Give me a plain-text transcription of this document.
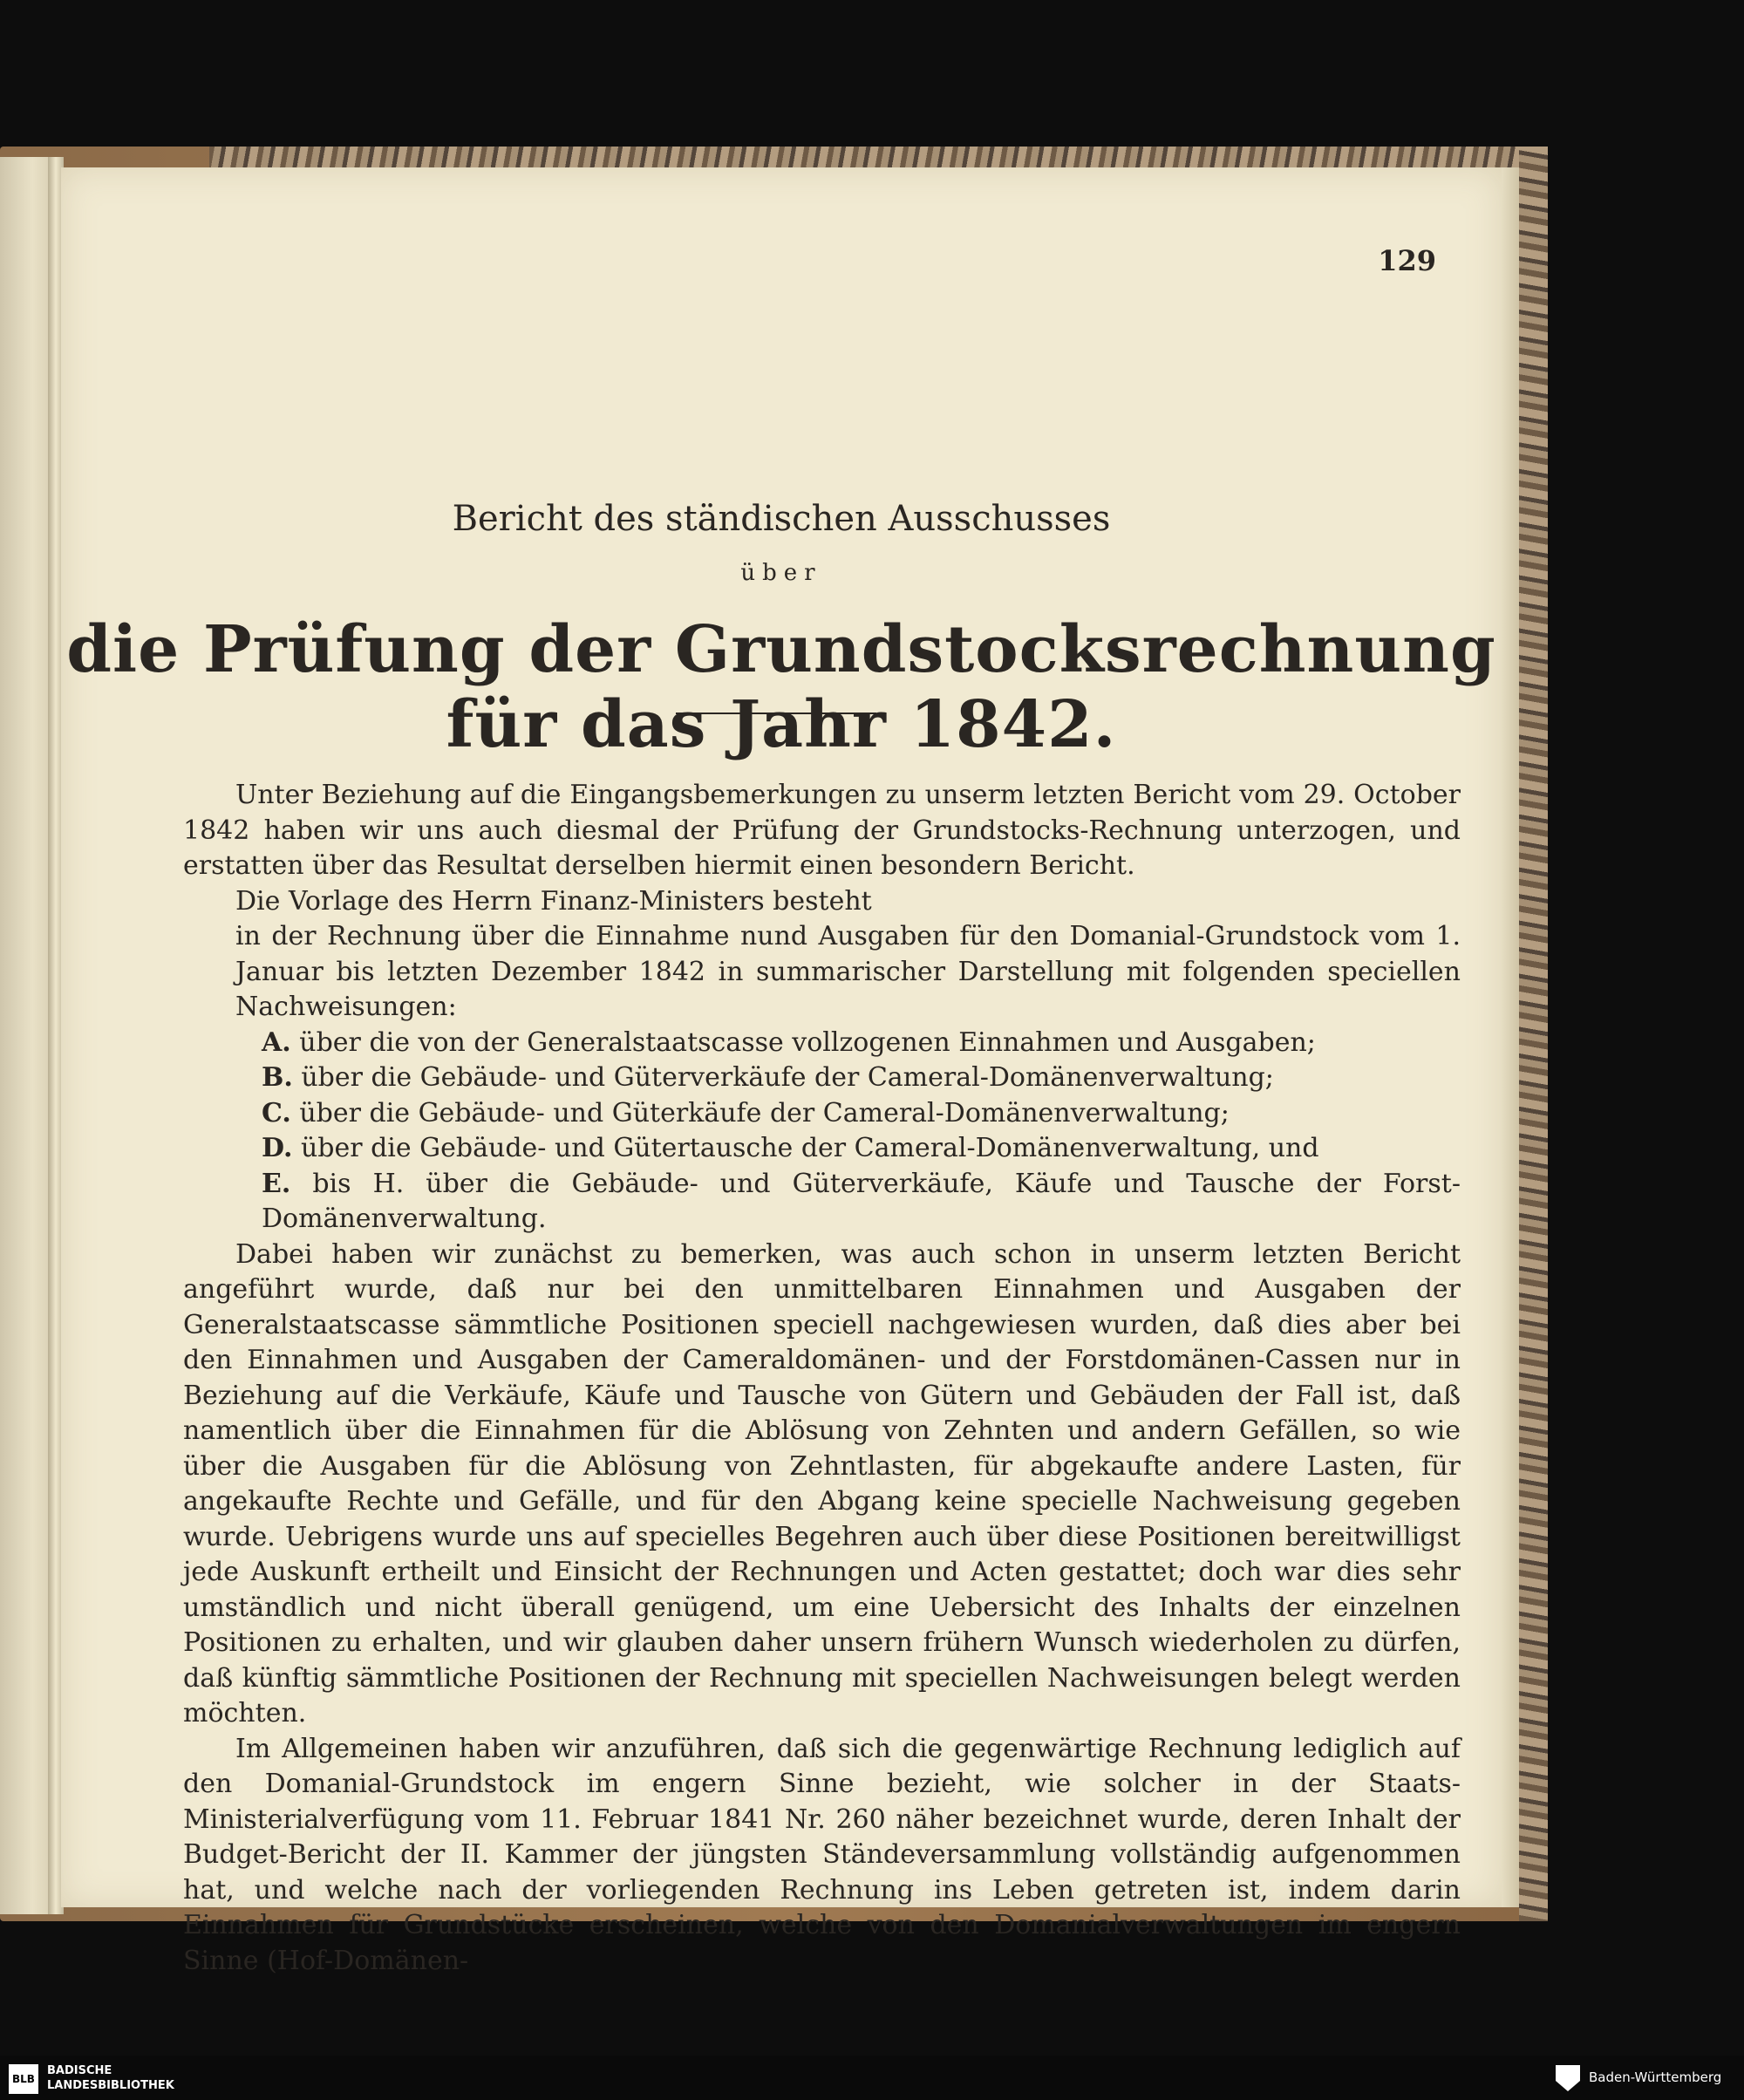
129
Bericht des ständischen Ausschusses
über
die Prüfung der Grundstocksrechnung für das Jahr 1842.

Unter Beziehung auf die Eingangsbemerkungen zu unserm letzten Bericht vom 29. October 1842 haben wir uns auch diesmal der Prüfung der Grundstocks-Rechnung unterzogen, und erstatten über das Resultat derselben hiermit einen besondern Bericht.

Die Vorlage des Herrn Finanz-Ministers besteht

in der Rechnung über die Einnahme nund Ausgaben für den Domanial-Grundstock vom 1. Januar bis letzten Dezember 1842 in summarischer Darstellung mit folgenden speciellen Nachweisungen:

A. über die von der Generalstaatscasse vollzogenen Einnahmen und Ausgaben;

B. über die Gebäude- und Güterverkäufe der Cameral-Domänenverwaltung;

C. über die Gebäude- und Güterkäufe der Cameral-Domänenverwaltung;

D. über die Gebäude- und Gütertausche der Cameral-Domänenverwaltung, und

E. bis H. über die Gebäude- und Güterverkäufe, Käufe und Tausche der Forst-Domänenverwaltung.

Dabei haben wir zunächst zu bemerken, was auch schon in unserm letzten Bericht angeführt wurde, daß nur bei den unmittelbaren Einnahmen und Ausgaben der Generalstaatscasse sämmtliche Positionen speciell nachgewiesen wurden, daß dies aber bei den Einnahmen und Ausgaben der Cameraldomänen- und der Forstdomänen-Cassen nur in Beziehung auf die Verkäufe, Käufe und Tausche von Gütern und Gebäuden der Fall ist, daß namentlich über die Einnahmen für die Ablösung von Zehnten und andern Gefällen, so wie über die Ausgaben für die Ablösung von Zehntlasten, für abgekaufte andere Lasten, für angekaufte Rechte und Gefälle, und für den Abgang keine specielle Nachweisung gegeben wurde. Uebrigens wurde uns auf specielles Begehren auch über diese Positionen bereitwilligst jede Auskunft ertheilt und Einsicht der Rechnungen und Acten gestattet; doch war dies sehr umständlich und nicht überall genügend, um eine Uebersicht des Inhalts der einzelnen Positionen zu erhalten, und wir glauben daher unsern frühern Wunsch wiederholen zu dürfen, daß künftig sämmtliche Positionen der Rechnung mit speciellen Nachweisungen belegt werden möchten.

Im Allgemeinen haben wir anzuführen, daß sich die gegenwärtige Rechnung lediglich auf den Domanial-Grundstock im engern Sinne bezieht, wie solcher in der Staats-Ministerialverfügung vom 11. Februar 1841 Nr. 260 näher bezeichnet wurde, deren Inhalt der Budget-Bericht der II. Kammer der jüngsten Ständeversammlung vollständig aufgenommen hat, und welche nach der vorliegenden Rechnung ins Leben getreten ist, indem darin Einnahmen für Grundstücke erscheinen, welche von den Domanialverwaltungen im engern Sinne (Hof-Domänen-

BLB
BADISCHE
LANDESBIBLIOTHEK
Baden-Württemberg
